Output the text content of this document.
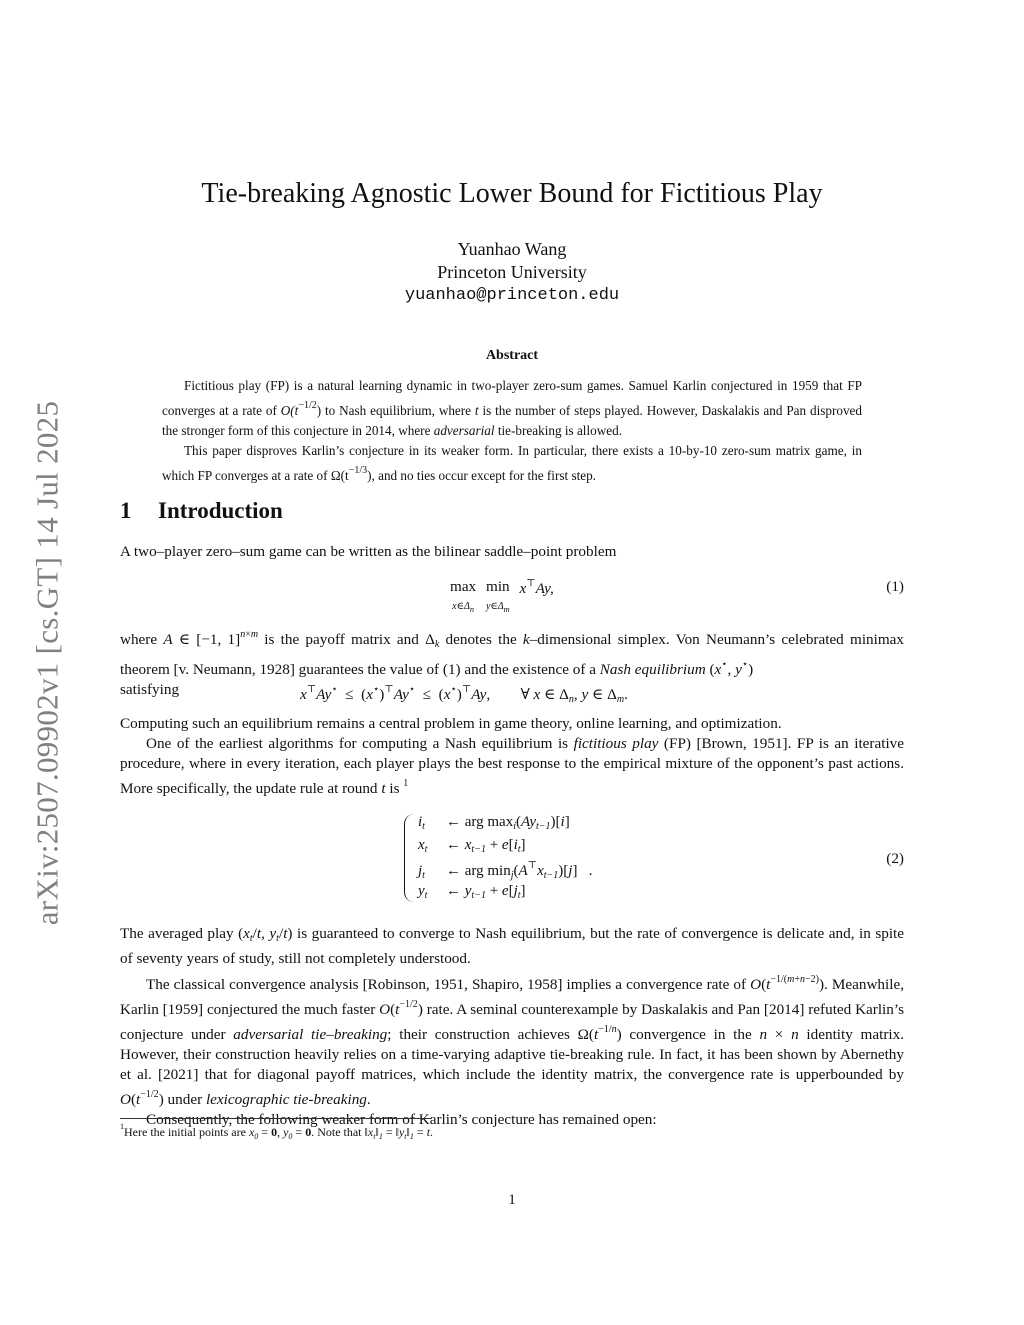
arXiv:2507.09902v1 [cs.GT] 14 Jul 2025
Tie-breaking Agnostic Lower Bound for Fictitious Play
Yuanhao Wang
Princeton University
yuanhao@princeton.edu
Abstract

Fictitious play (FP) is a natural learning dynamic in two-player zero-sum games. Samuel Karlin conjectured in 1959 that FP converges at a rate of $O(t^{-1/2})$ to Nash equilibrium, where t is the number of steps played. However, Daskalakis and Pan disproved the stronger form of this conjecture in 2014, where adversarial tie-breaking is allowed.

This paper disproves Karlin’s conjecture in its weaker form. In particular, there exists a 10-by-10 zero-sum matrix game, in which FP converges at a rate of $\Omega(t^{-1/3})$, and no ties occur except for the first step.

1 Introduction
A two–player zero–sum game can be written as the bilinear saddle–point problem
max
$x\in\Delta_n$ min
$y\in\Delta_m$ x⊤Ay,	(1)

where A ∈ [−1, 1]$^{n\times m}$ is the payoff matrix and $\Delta_k$ denotes the k–dimensional simplex. Von Neumann’s celebrated minimax theorem [v. Neumann, 1928] guarantees the value of (1) and the existence of a Nash equilibrium (x⋆, y⋆)
satisfying	x⊤Ay⋆  ≤  (x⋆)⊤Ay⋆  ≤  (x⋆)⊤Ay,        ∀ x ∈ $\Delta_n$, y ∈ $\Delta_m$.

Computing such an equilibrium remains a central problem in game theory, online learning, and optimization.

One of the earliest algorithms for computing a Nash equilibrium is fictitious play (FP) [Brown, 1951]. FP is an iterative procedure, where in every iteration, each player plays the best response to the empirical mixture of the opponent’s past actions. More specifically, the update rule at round t is $^1$

$i_t$ ← arg $\max_i(Ay_{t-1})[i]$
$x_t$ ← $x_{t-1} + e[i_t]$
$j_t$ ← arg $\min_j(A^⊤x_{t-1})[j]$   .
$y_t$ ← $y_{t-1} + e[j_t]$
(2)

The averaged play ($x_t/t$, $y_t/t$) is guaranteed to converge to Nash equilibrium, but the rate of convergence is delicate and, in spite of seventy years of study, still not completely understood.

The classical convergence analysis [Robinson, 1951, Shapiro, 1958] implies a convergence rate of $O(t^{-1/(m+n-2)})$. Meanwhile, Karlin [1959] conjectured the much faster $O(t^{-1/2})$ rate. A seminal counterexample by Daskalakis and Pan [2014] refuted Karlin’s conjecture under adversarial tie–breaking; their construction achieves $\Omega(t^{-1/n})$ convergence in the n × n identity matrix. However, their construction heavily relies on a time-varying adaptive tie-breaking rule. In fact, it has been shown by Abernethy et al. [2021] that for diagonal payoff matrices, which include the identity matrix, the convergence rate is upperbounded by $O(t^{-1/2})$ under lexicographic tie-breaking.

Consequently, the following weaker form of Karlin’s conjecture has remained open:

$^1$Here the initial points are $x_0 = 0$, $y_0 = 0$. Note that $‖x_t‖_1$ = $‖y_t‖_1 = t$.
1
